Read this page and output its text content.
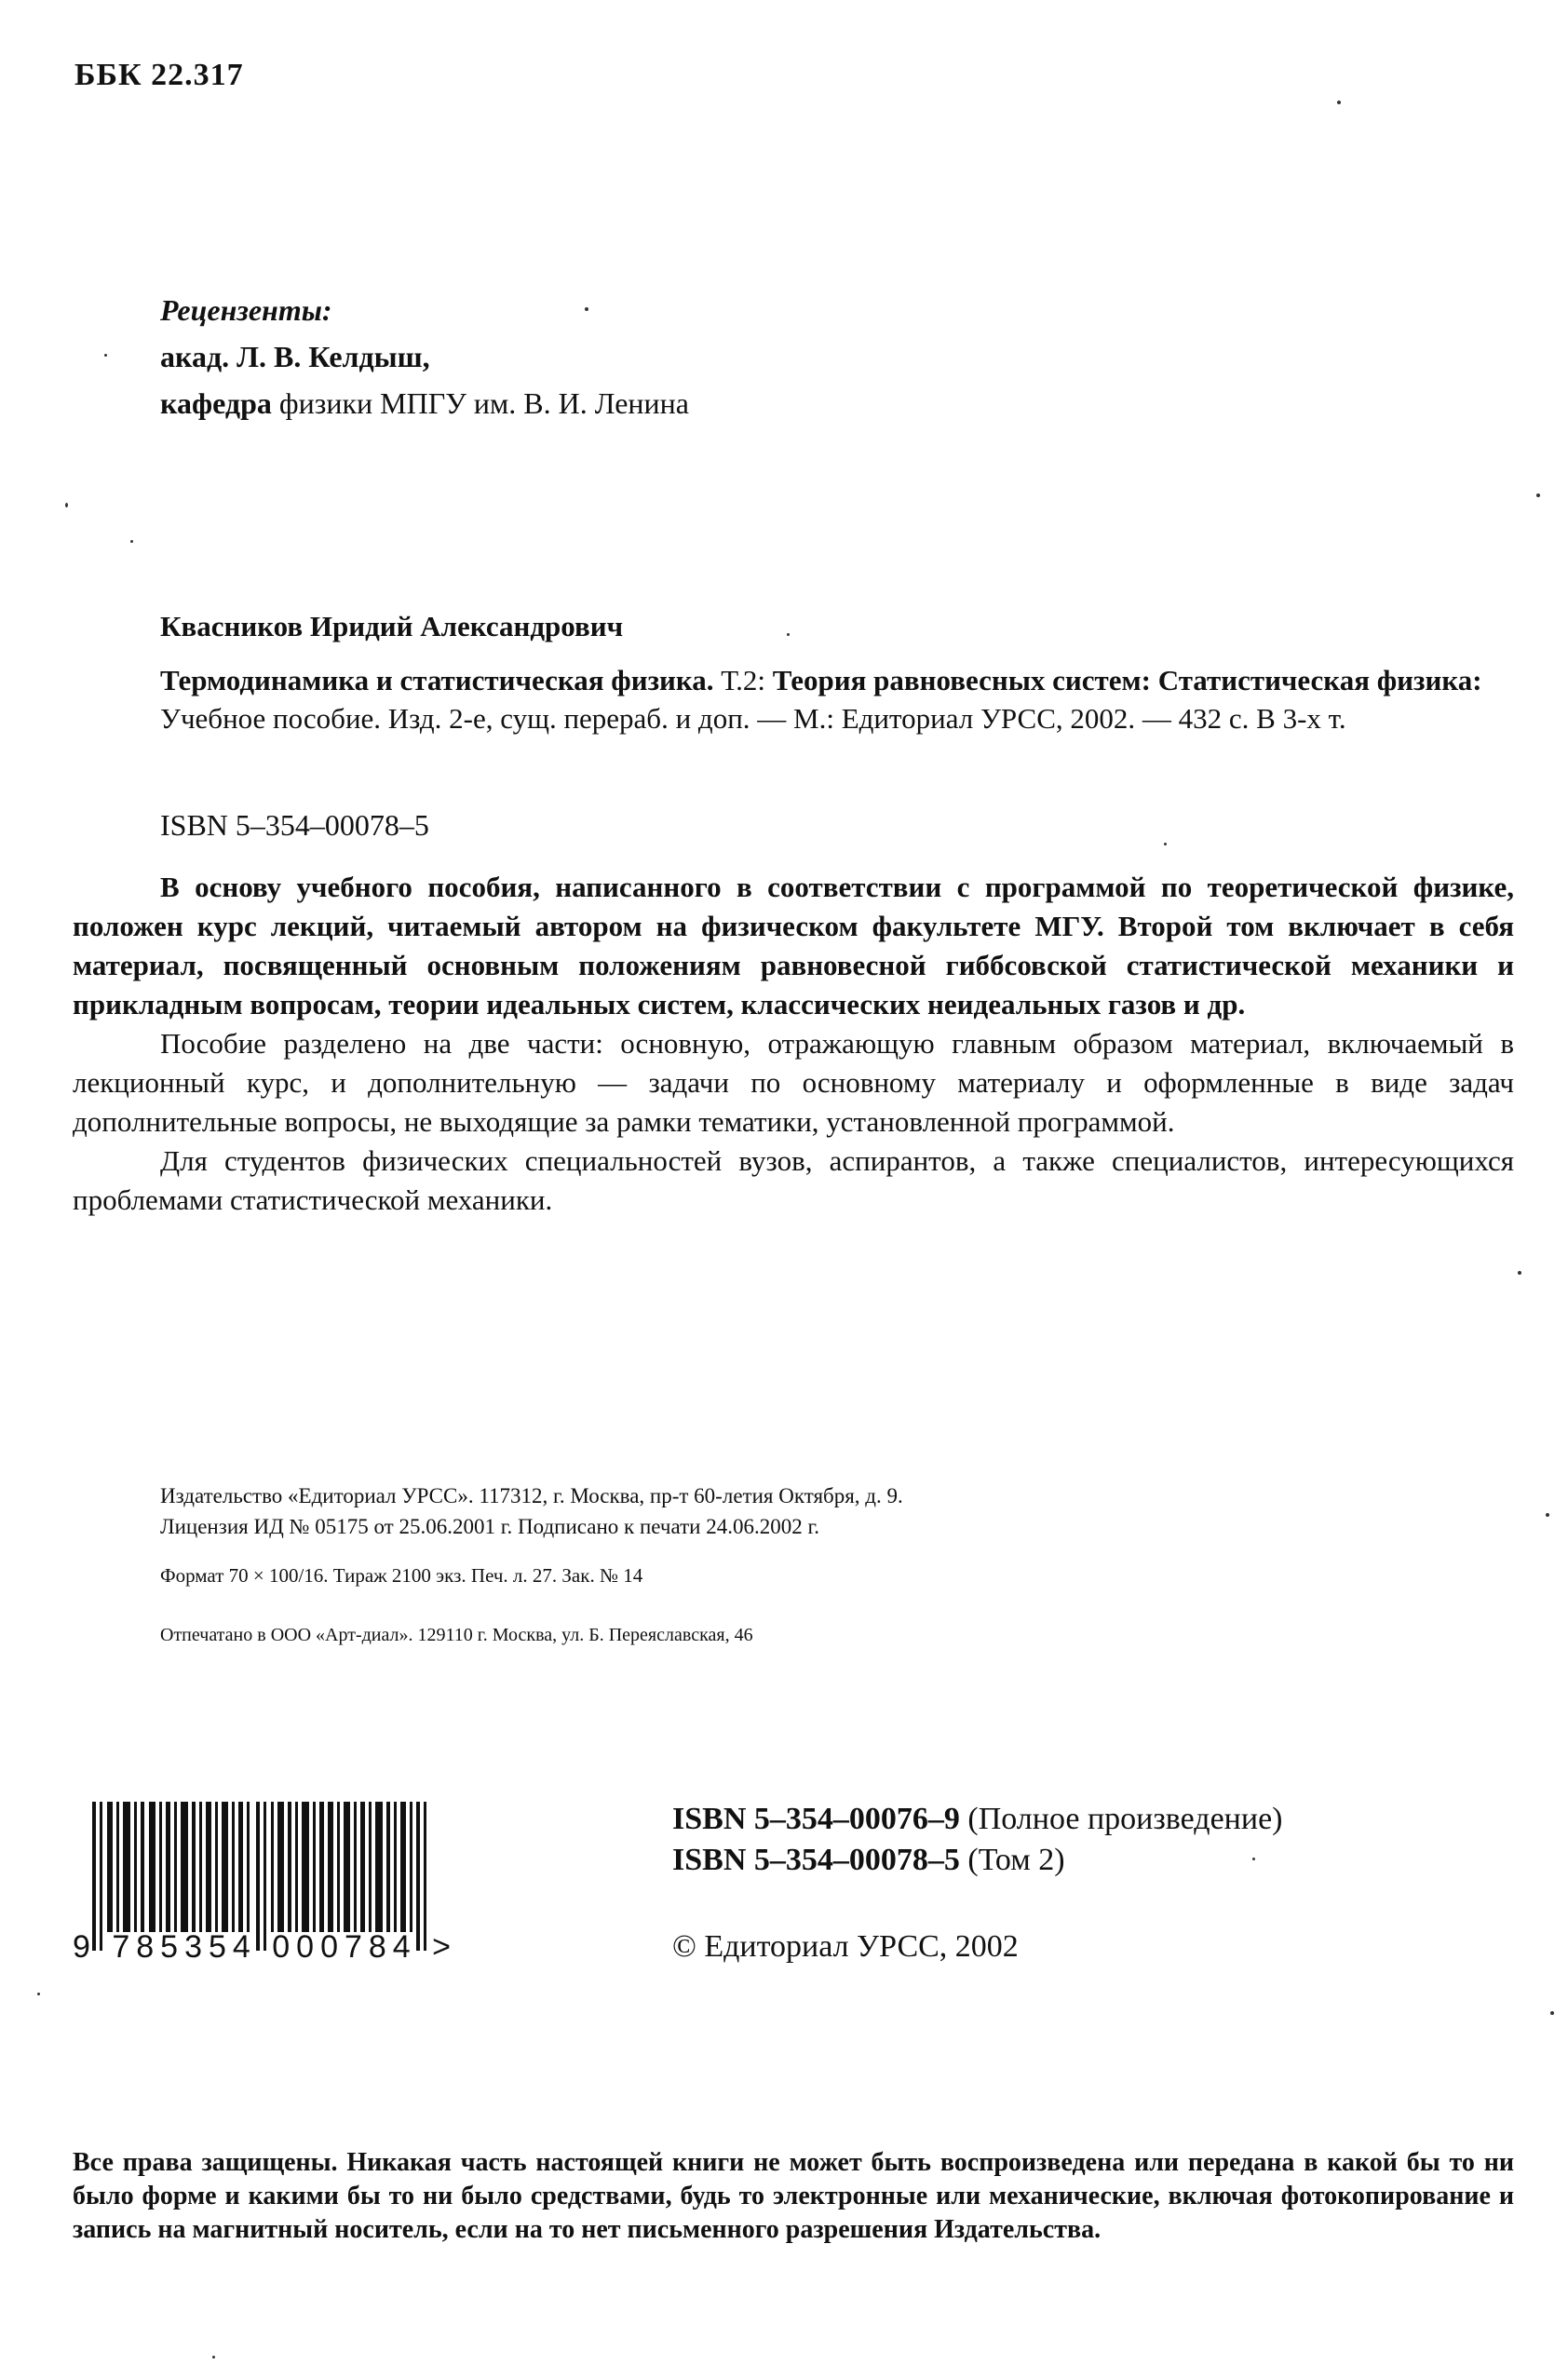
ББК 22.317
Рецензенты:
акад. Л. В. Келдыш,
кафедра физики МПГУ им. В. И. Ленина
Квасников Иридий Александрович
Термодинамика и статистическая физика. Т.2: Теория равновесных систем: Статистическая физика: Учебное пособие. Изд. 2-е, сущ. перераб. и доп. — М.: Едиториал УРСС, 2002. — 432 с. В 3-х т.
ISBN 5–354–00078–5

В основу учебного пособия, написанного в соответствии с программой по теоретической физике, положен курс лекций, читаемый автором на физическом факультете МГУ. Второй том включает в себя материал, посвященный основным положениям равновесной гиббсовской статистической механики и прикладным вопросам, теории идеальных систем, классических неидеальных газов и др.

Пособие разделено на две части: основную, отражающую главным образом материал, включаемый в лекционный курс, и дополнительную — задачи по основному материалу и оформленные в виде задач дополнительные вопросы, не выходящие за рамки тематики, установленной программой.

Для студентов физических специальностей вузов, аспирантов, а также специалистов, интересующихся проблемами статистической механики.

Издательство «Едиториал УРСС». 117312, г. Москва, пр-т 60-летия Октября, д. 9.
Лицензия ИД № 05175 от 25.06.2001 г. Подписано к печати 24.06.2002 г.
Формат 70 × 100/16. Тираж 2100 экз. Печ. л. 27. Зак. № 14
Отпечатано в ООО «Арт-диал». 129110 г. Москва, ул. Б. Переяславская, 46
9 785354 000784 >
ISBN 5–354–00076–9 (Полное произведение)
ISBN 5–354–00078–5 (Том 2)
© Едиториал УРСС, 2002
Все права защищены. Никакая часть настоящей книги не может быть воспроизведена или передана в какой бы то ни было форме и какими бы то ни было средствами, будь то электронные или механические, включая фотокопирование и запись на магнитный носитель, если на то нет письменного разрешения Издательства.
